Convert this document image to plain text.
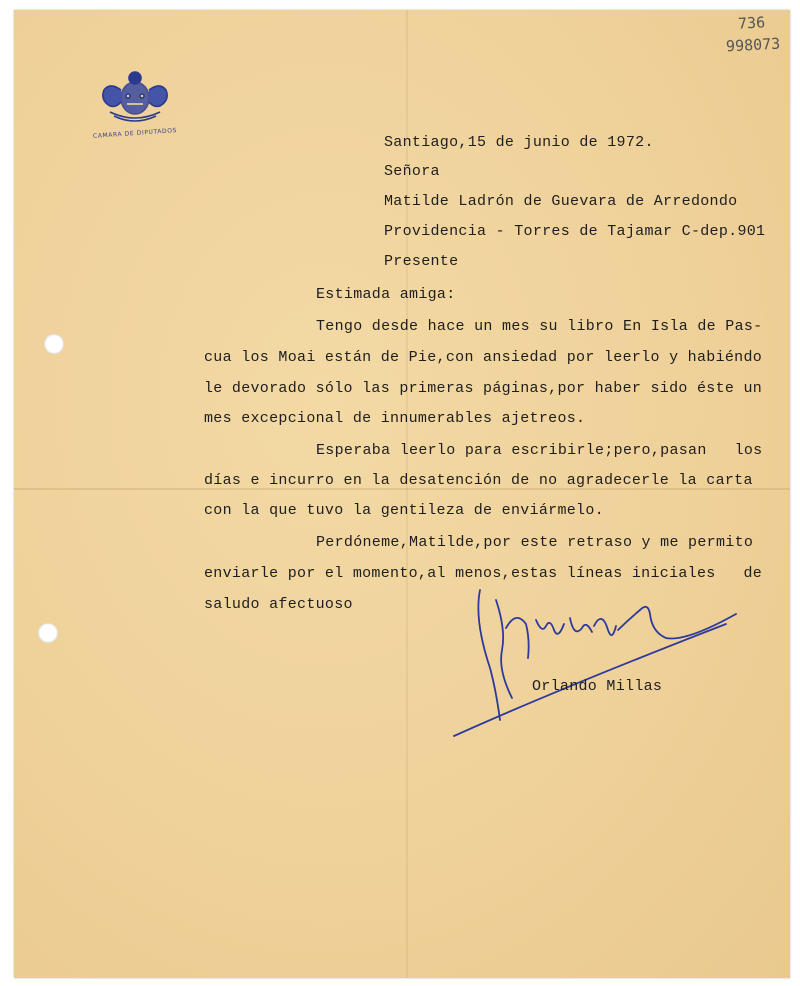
736
998073
CAMARA DE DIPUTADOS
Santiago,15 de junio de 1972.
Señora
Matilde Ladrón de Guevara de Arredondo
Providencia - Torres de Tajamar C-dep.901
Presente
Estimada amiga:
Tengo desde hace un mes su libro En Isla de Pas-
cua los Moai están de Pie,con ansiedad por leerlo y habiéndo
le devorado sólo las primeras páginas,por haber sido éste un
mes excepcional de innumerables ajetreos.
Esperaba leerlo para escribirle;pero,pasan   los
días e incurro en la desatención de no agradecerle la carta
con la que tuvo la gentileza de enviármelo.
Perdóneme,Matilde,por este retraso y me permito
enviarle por el momento,al menos,estas líneas iniciales   de
saludo afectuoso
Orlando Millas
